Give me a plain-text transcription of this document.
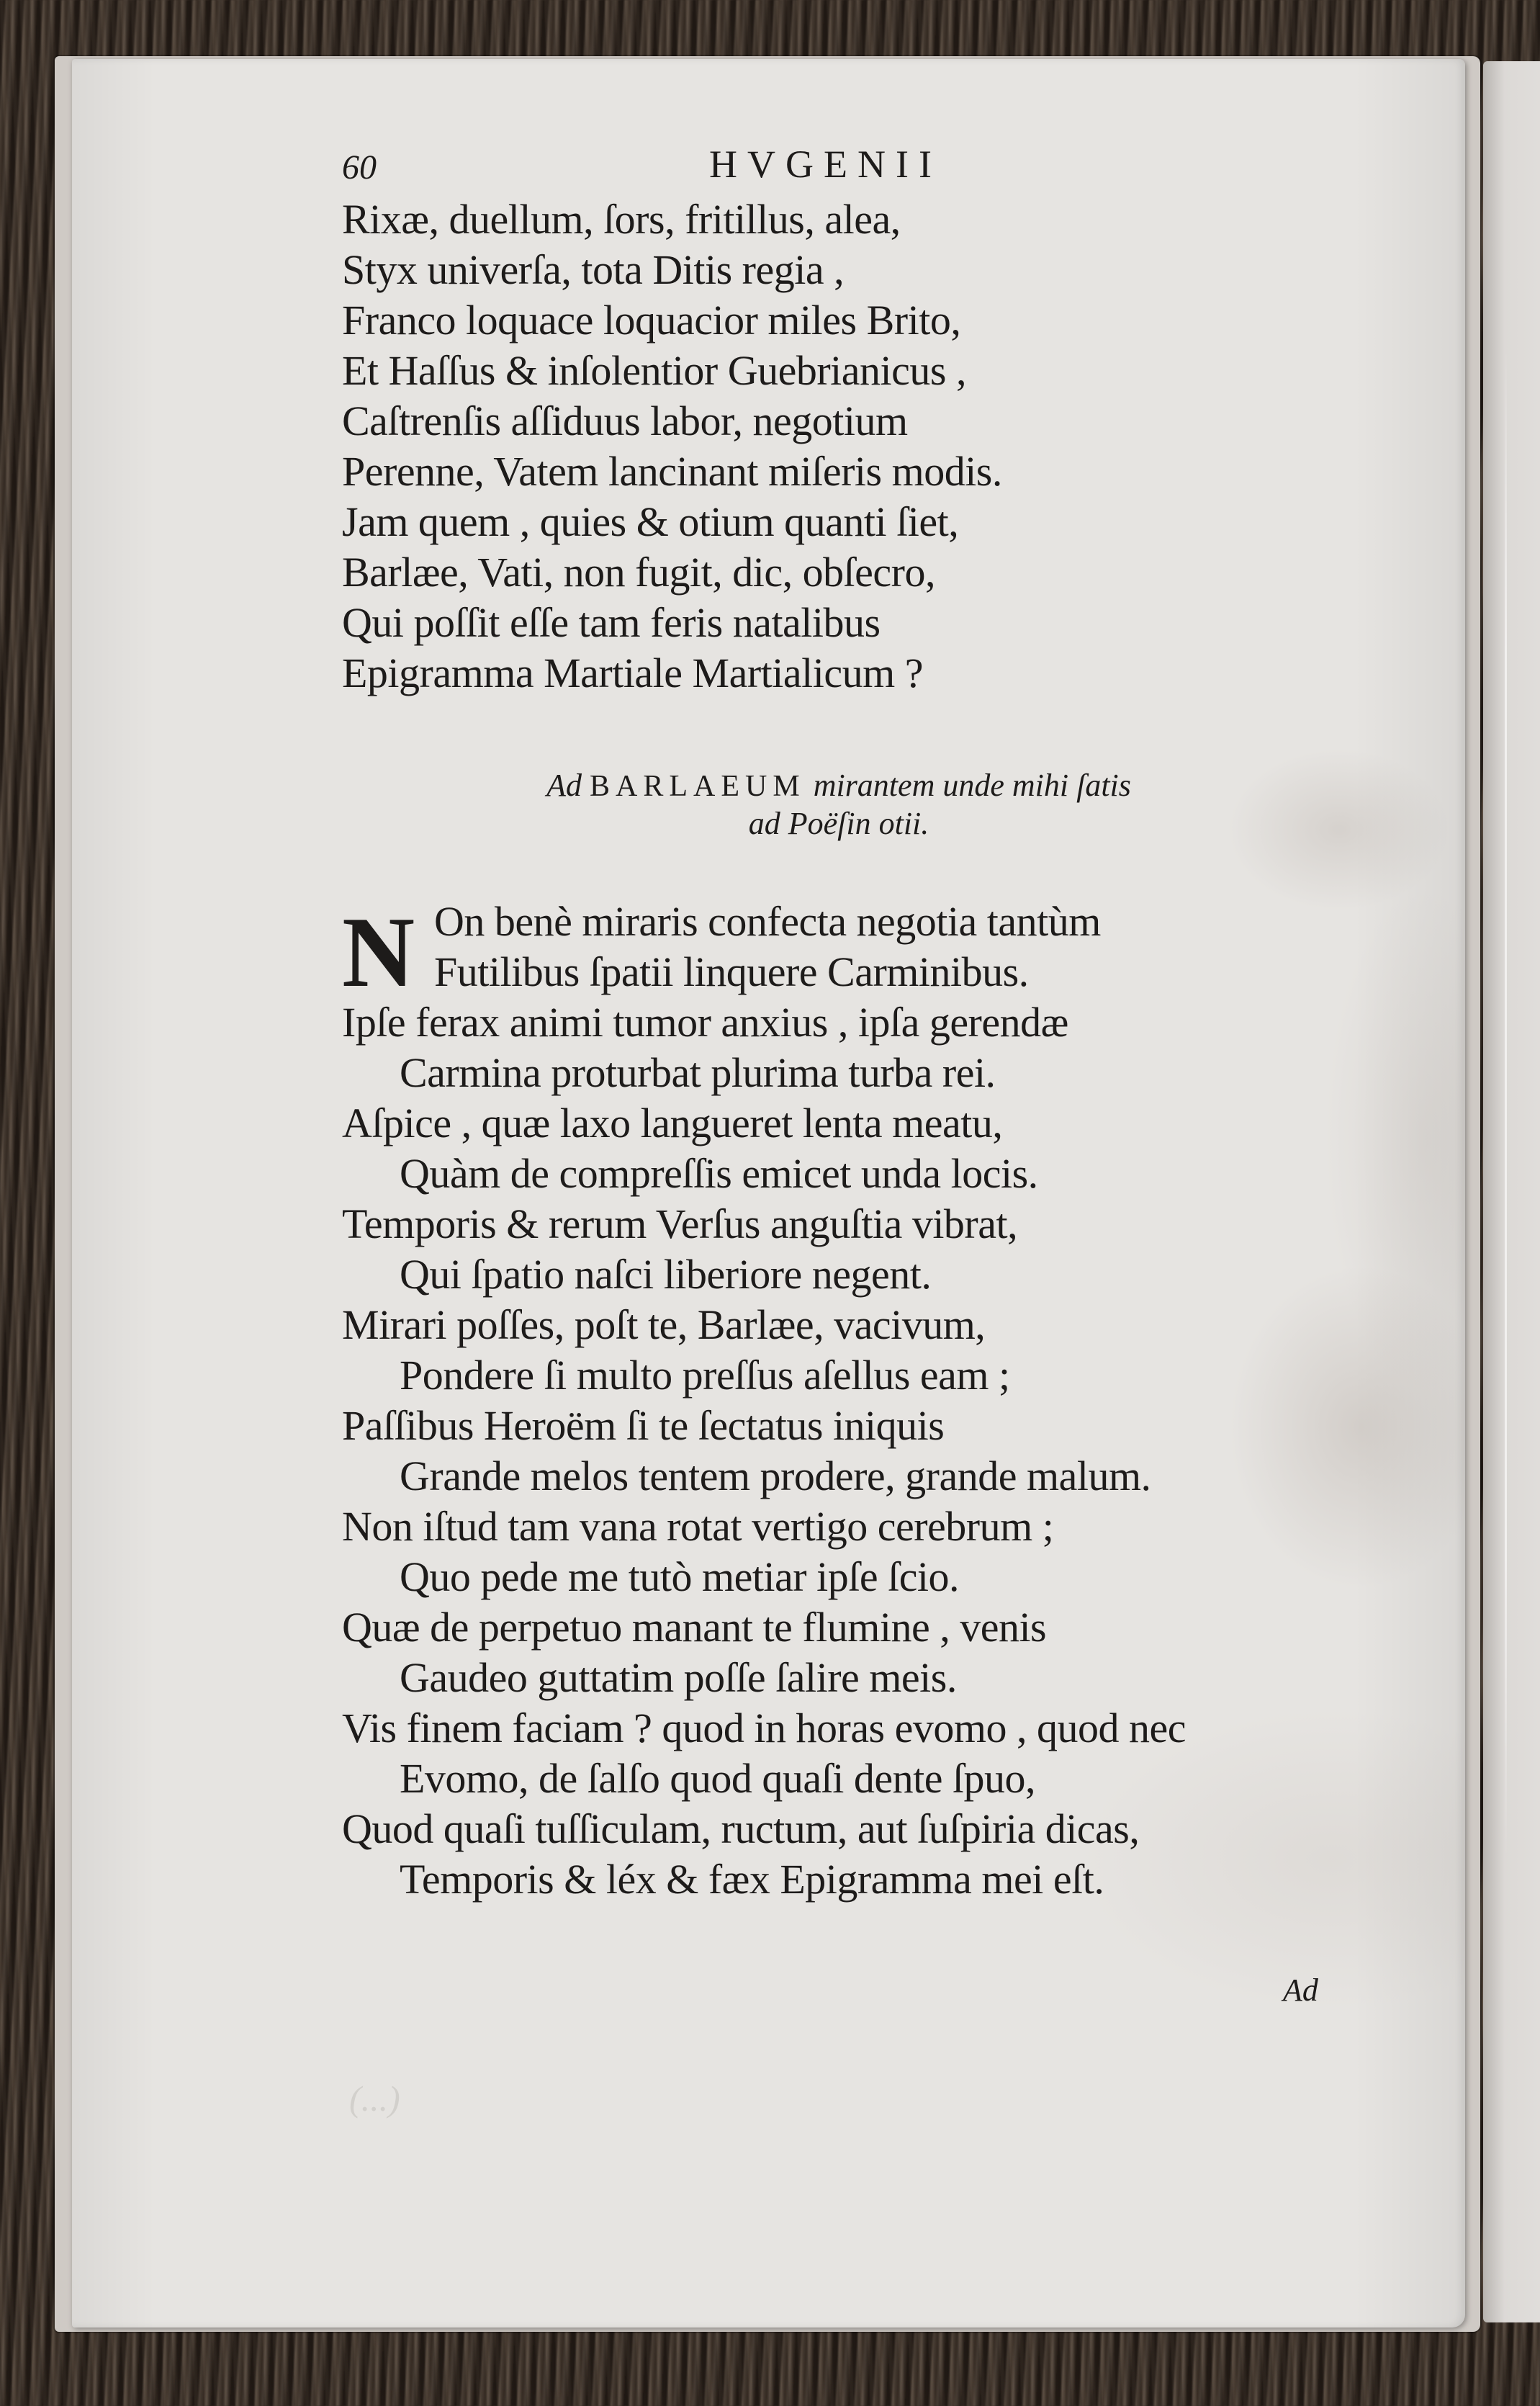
60	HVGENII
Rixæ, duellum, ſors, fritillus, alea,
Styx univerſa, tota Ditis regia ,
Franco loquace loquacior miles Brito,
Et Haſſus & inſolentior Guebrianicus ,
Caſtrenſis aſſiduus labor, negotium
Perenne, Vatem lancinant miſeris modis.
Jam quem , quies & otium quanti ſiet,
Barlæe, Vati, non fugit, dic, obſecro,
Qui poſſit eſſe tam feris natalibus
Epigramma Martiale Martialicum ?
Ad BARLAEUM mirantem unde mihi ſatis
ad Poëſin otii.
N On benè miraris confecta negotia tantùm
Futilibus ſpatii linquere Carminibus.
Ipſe ferax animi tumor anxius , ipſa gerendæ
Carmina proturbat plurima turba rei.
Aſpice , quæ laxo langueret lenta meatu,
Quàm de compreſſis emicet unda locis.
Temporis & rerum Verſus anguſtia vibrat,
Qui ſpatio naſci liberiore negent.
Mirari poſſes, poſt te, Barlæe, vacivum,
Pondere ſi multo preſſus aſellus eam ;
Paſſibus Heroëm ſi te ſectatus iniquis
Grande melos tentem prodere, grande malum.
Non iſtud tam vana rotat vertigo cerebrum ;
Quo pede me tutò metiar ipſe ſcio.
Quæ de perpetuo manant te flumine , venis
Gaudeo guttatim poſſe ſalire meis.
Vis finem faciam ? quod in horas evomo , quod nec
Evomo, de ſalſo quod quaſi dente ſpuo,
Quod quaſi tuſſiculam, ructum, aut ſuſpiria dicas,
Temporis & léx & fæx Epigramma mei eſt.
Ad
(...)
